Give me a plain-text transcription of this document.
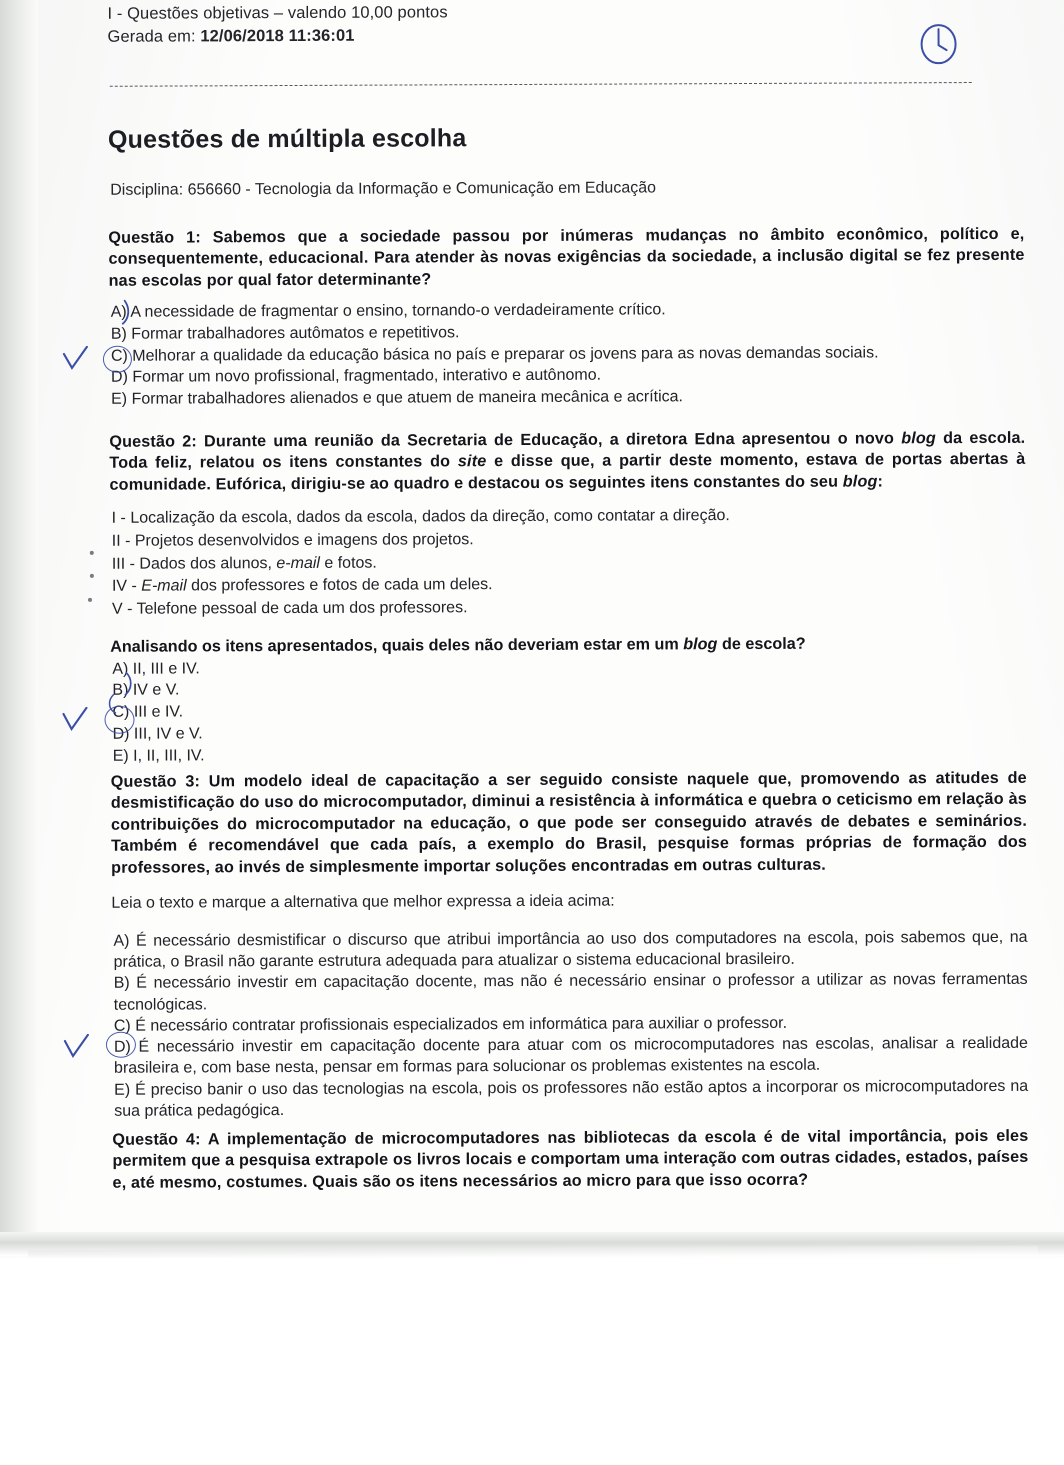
I - Questões objetivas – valendo 10,00 pontos
Gerada em: 12/06/2018 11:36:01
Questões de múltipla escolha
Disciplina: 656660 - Tecnologia da Informação e Comunicação em Educação
Questão 1: Sabemos que a sociedade passou por inúmeras mudanças no âmbito econômico, político e, consequentemente, educacional. Para atender às novas exigências da sociedade, a inclusão digital se fez presente nas escolas por qual fator determinante?
A) A necessidade de fragmentar o ensino, tornando-o verdadeiramente crítico.
B) Formar trabalhadores autômatos e repetitivos.
C) Melhorar a qualidade da educação básica no país e preparar os jovens para as novas demandas sociais.
D) Formar um novo profissional, fragmentado, interativo e autônomo.
E) Formar trabalhadores alienados e que atuem de maneira mecânica e acrítica.
Questão 2: Durante uma reunião da Secretaria de Educação, a diretora Edna apresentou o novo blog da escola. Toda feliz, relatou os itens constantes do site e disse que, a partir deste momento, estava de portas abertas à comunidade. Eufórica, dirigiu-se ao quadro e destacou os seguintes itens constantes do seu blog:
I - Localização da escola, dados da escola, dados da direção, como contatar a direção.
II - Projetos desenvolvidos e imagens dos projetos.
III - Dados dos alunos, e-mail e fotos.
IV - E-mail dos professores e fotos de cada um deles.
V - Telefone pessoal de cada um dos professores.
Analisando os itens apresentados, quais deles não deveriam estar em um blog de escola?
A) II, III e IV.
B) IV e V.
C) III e IV.
D) III, IV e V.
E) I, II, III, IV.
Questão 3: Um modelo ideal de capacitação a ser seguido consiste naquele que, promovendo as atitudes de desmistificação do uso do microcomputador, diminui a resistência à informática e quebra o ceticismo em relação às contribuições do microcomputador na educação, o que pode ser conseguido através de debates e seminários. Também é recomendável que cada país, a exemplo do Brasil, pesquise formas próprias de formação dos professores, ao invés de simplesmente importar soluções encontradas em outras culturas.
Leia o texto e marque a alternativa que melhor expressa a ideia acima:
A) É necessário desmistificar o discurso que atribui importância ao uso dos computadores na escola, pois sabemos que, na prática, o Brasil não garante estrutura adequada para atualizar o sistema educacional brasileiro.
B) É necessário investir em capacitação docente, mas não é necessário ensinar o professor a utilizar as novas ferramentas tecnológicas.
C) É necessário contratar profissionais especializados em informática para auxiliar o professor.
D) É necessário investir em capacitação docente para atuar com os microcomputadores nas escolas, analisar a realidade brasileira e, com base nesta, pensar em formas para solucionar os problemas existentes na escola.
E) É preciso banir o uso das tecnologias na escola, pois os professores não estão aptos a incorporar os microcomputadores na sua prática pedagógica.
Questão 4: A implementação de microcomputadores nas bibliotecas da escola é de vital importância, pois eles permitem que a pesquisa extrapole os livros locais e comportam uma interação com outras cidades, estados, países e, até mesmo, costumes. Quais são os itens necessários ao micro para que isso ocorra?
